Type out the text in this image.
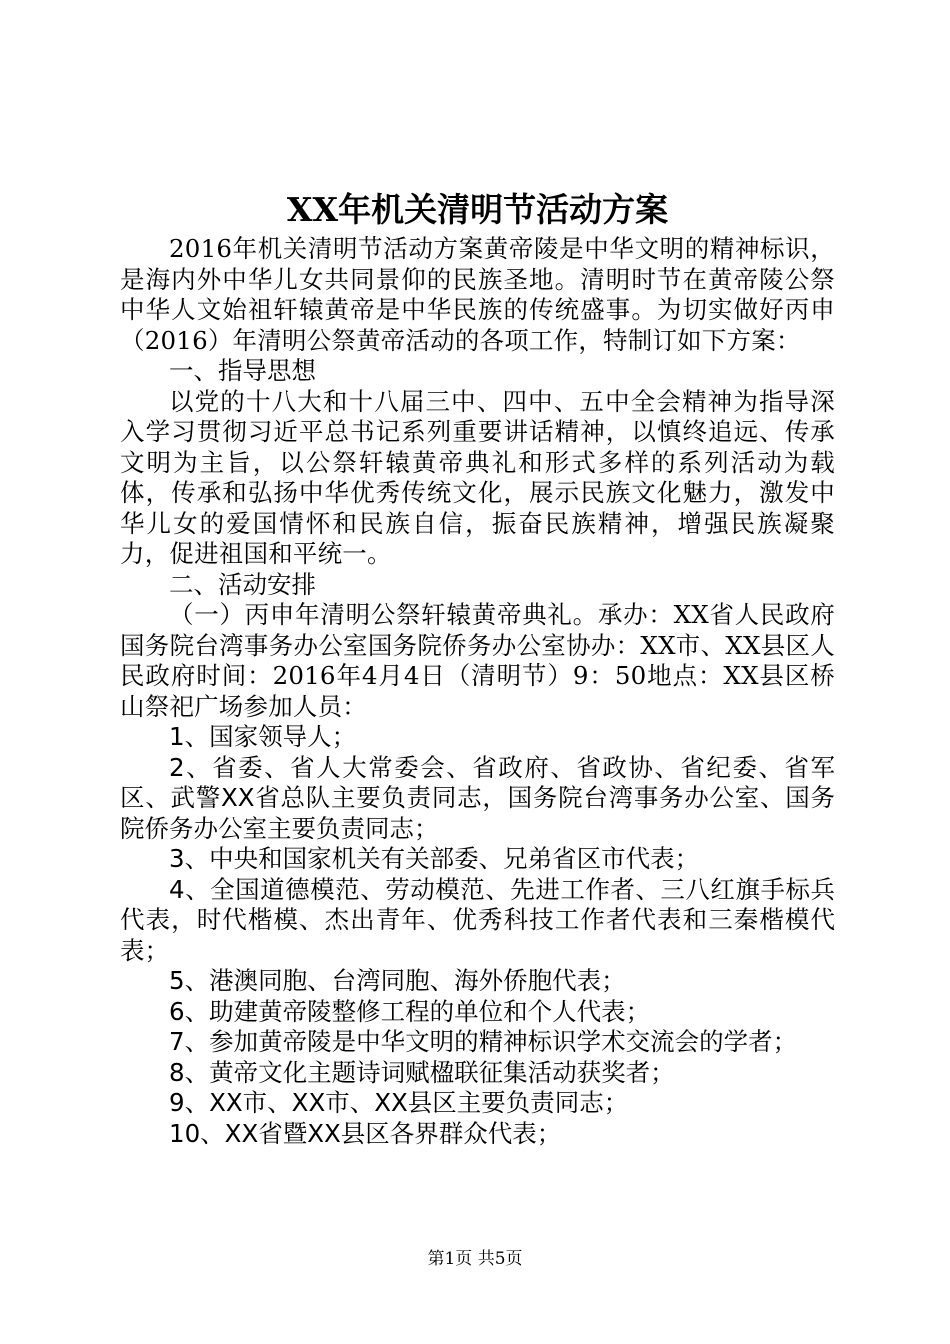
XX年机关清明节活动方案

2016年机关清明节活动方案黄帝陵是中华文明的精神标识，是海内外中华儿女共同景仰的民族圣地。清明时节在黄帝陵公祭中华人文始祖轩辕黄帝是中华民族的传统盛事。为切实做好丙申（2016）年清明公祭黄帝活动的各项工作，特制订如下方案：

一、指导思想

以党的十八大和十八届三中、四中、五中全会精神为指导深入学习贯彻习近平总书记系列重要讲话精神，以慎终追远、传承文明为主旨，以公祭轩辕黄帝典礼和形式多样的系列活动为载体，传承和弘扬中华优秀传统文化，展示民族文化魅力，激发中华儿女的爱国情怀和民族自信，振奋民族精神，增强民族凝聚力，促进祖国和平统一。

二、活动安排

（一）丙申年清明公祭轩辕黄帝典礼。承办：XX省人民政府国务院台湾事务办公室国务院侨务办公室协办：XX市、XX县区人民政府时间：2016年4月4日（清明节）9：50地点：XX县区桥山祭祀广场参加人员：

1、国家领导人；

2、省委、省人大常委会、省政府、省政协、省纪委、省军区、武警XX省总队主要负责同志，国务院台湾事务办公室、国务院侨务办公室主要负责同志；

3、中央和国家机关有关部委、兄弟省区市代表；

4、全国道德模范、劳动模范、先进工作者、三八红旗手标兵代表，时代楷模、杰出青年、优秀科技工作者代表和三秦楷模代表；

5、港澳同胞、台湾同胞、海外侨胞代表；

6、助建黄帝陵整修工程的单位和个人代表；

7、参加黄帝陵是中华文明的精神标识学术交流会的学者；

8、黄帝文化主题诗词赋楹联征集活动获奖者；

9、XX市、XX市、XX县区主要负责同志；

10、XX省暨XX县区各界群众代表；

第1页 共5页
